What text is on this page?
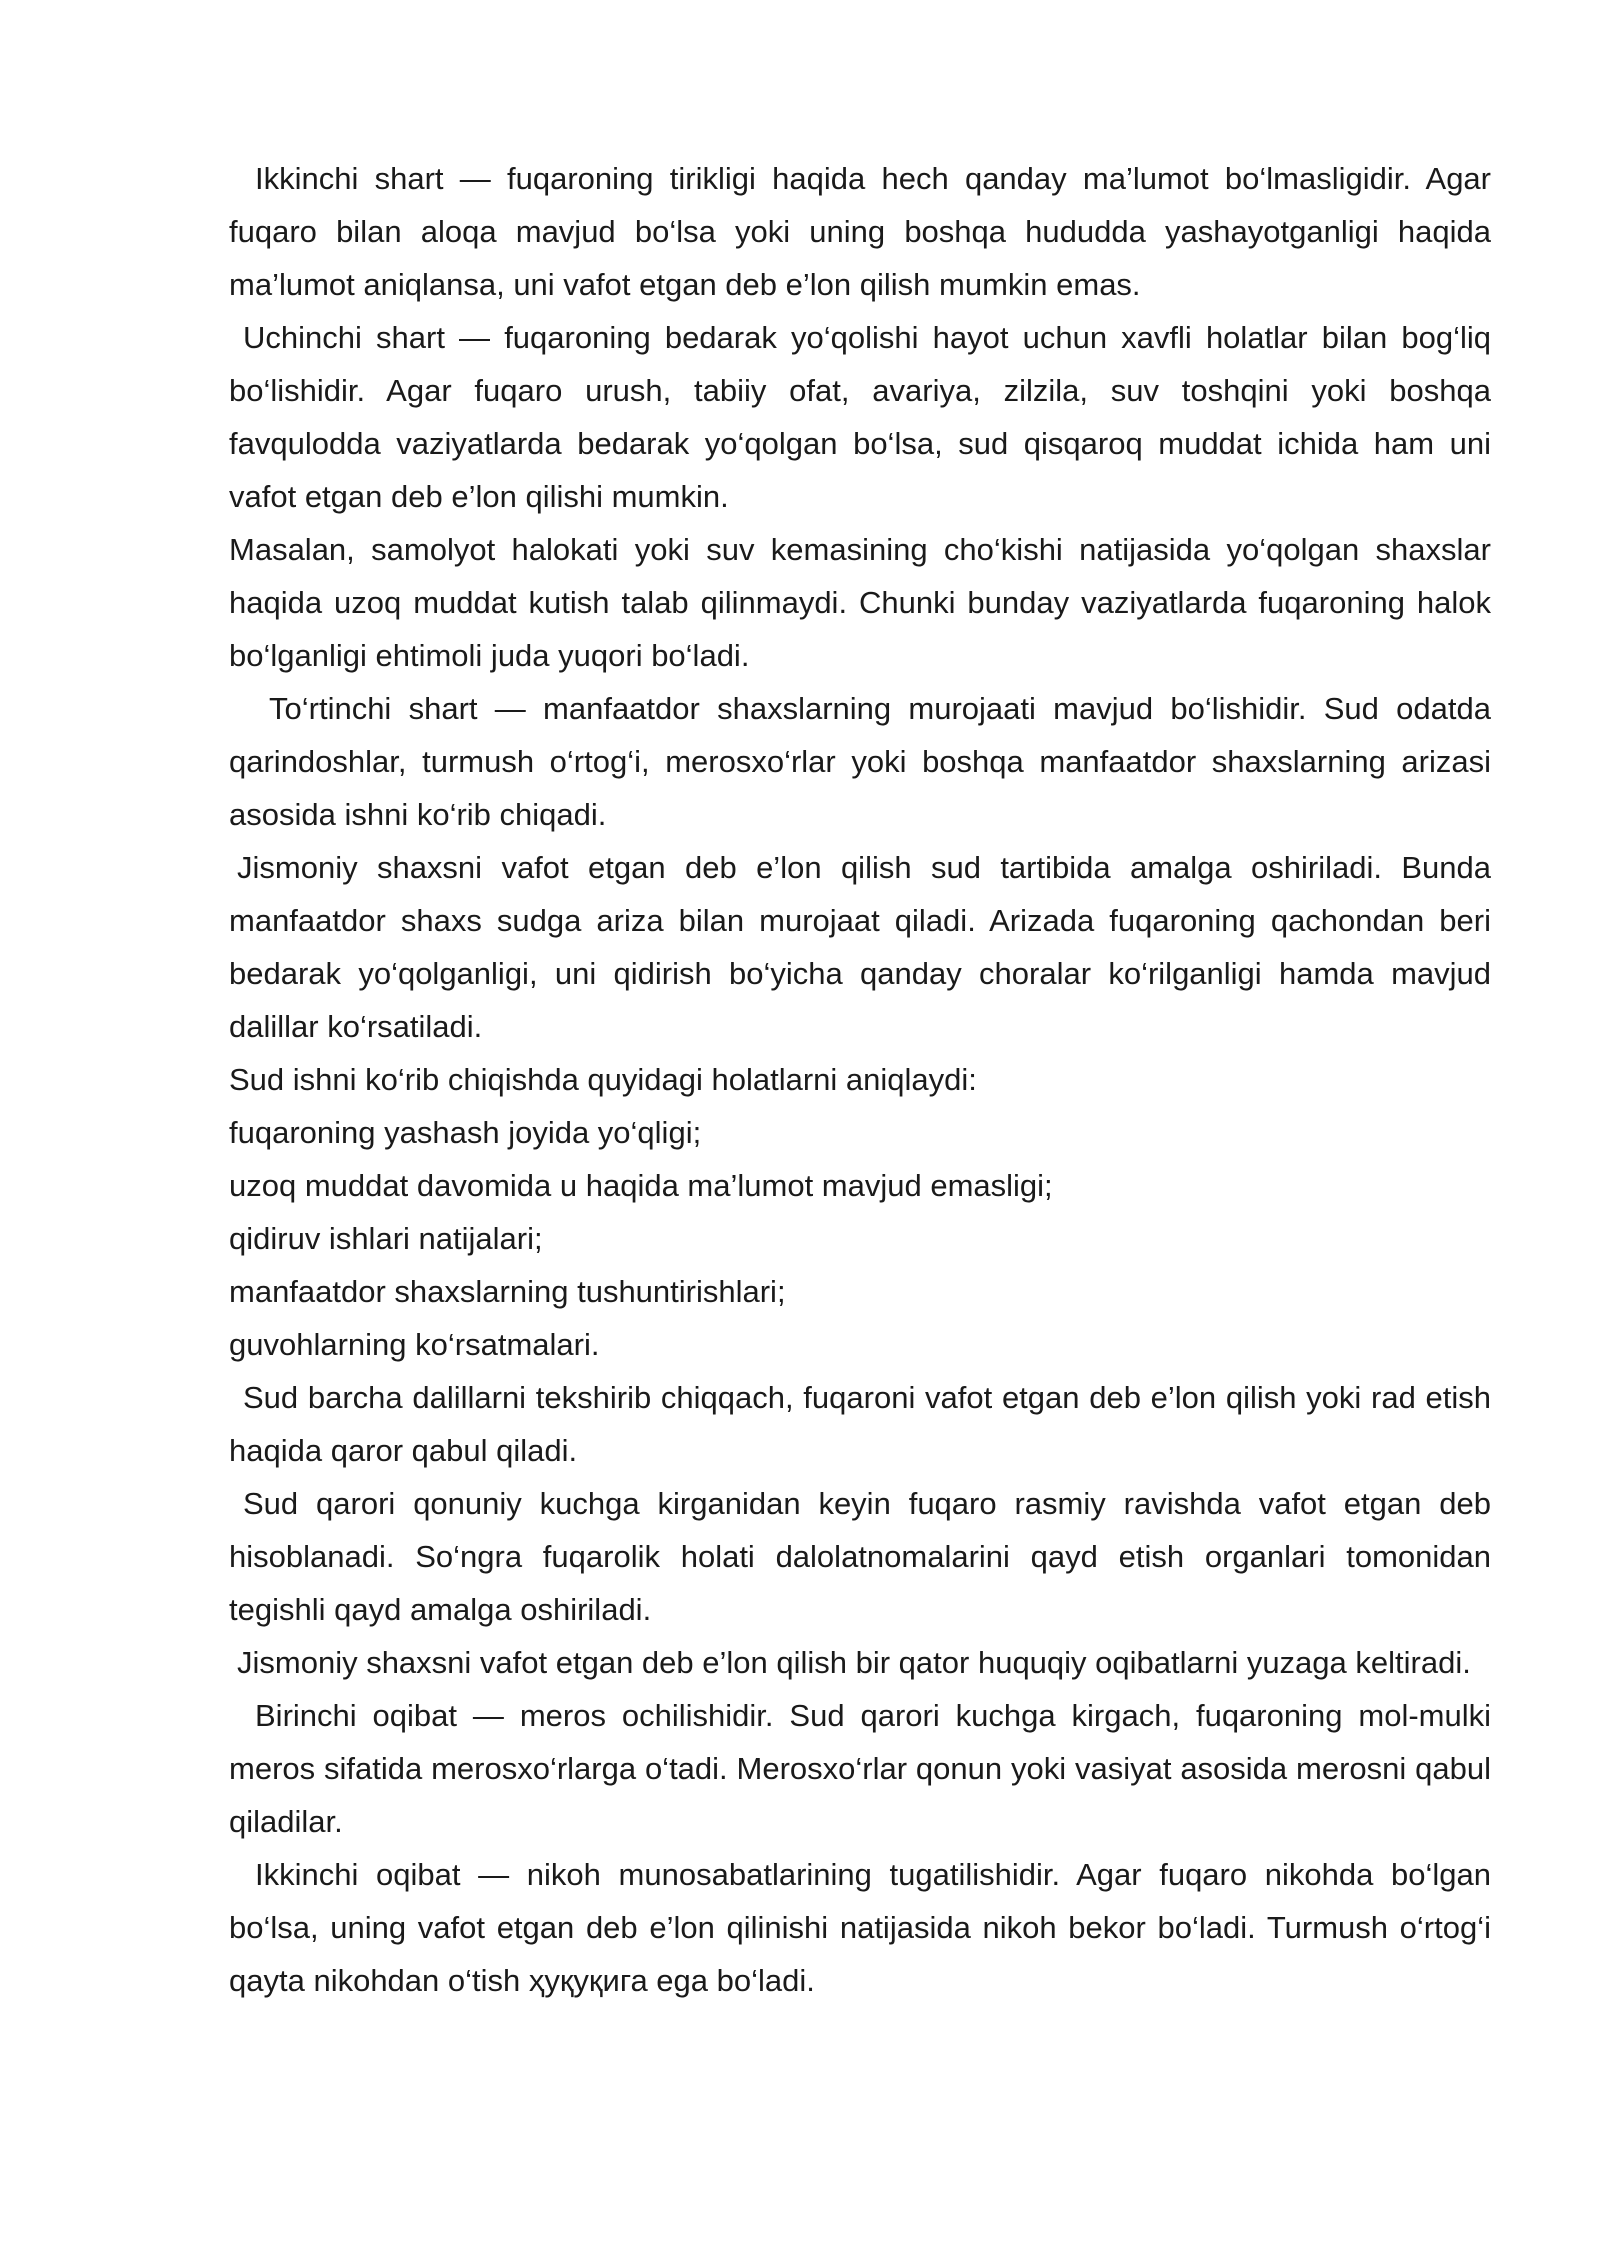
Ikkinchi shart — fuqaroning tirikligi haqida hech qanday ma’lumot bo‘lmasligidir. Agar fuqaro bilan aloqa mavjud bo‘lsa yoki uning boshqa hududda yashayotganligi haqida ma’lumot aniqlansa, uni vafot etgan deb e’lon qilish mumkin emas.

Uchinchi shart — fuqaroning bedarak yo‘qolishi hayot uchun xavfli holatlar bilan bog‘liq bo‘lishidir. Agar fuqaro urush, tabiiy ofat, avariya, zilzila, suv toshqini yoki boshqa favqulodda vaziyatlarda bedarak yo‘qolgan bo‘lsa, sud qisqaroq muddat ichida ham uni vafot etgan deb e’lon qilishi mumkin.

Masalan, samolyot halokati yoki suv kemasining cho‘kishi natijasida yo‘qolgan shaxslar haqida uzoq muddat kutish talab qilinmaydi. Chunki bunday vaziyatlarda fuqaroning halok bo‘lganligi ehtimoli juda yuqori bo‘ladi.

To‘rtinchi shart — manfaatdor shaxslarning murojaati mavjud bo‘lishidir. Sud odatda qarindoshlar, turmush o‘rtog‘i, merosxo‘rlar yoki boshqa manfaatdor shaxslarning arizasi asosida ishni ko‘rib chiqadi.

Jismoniy shaxsni vafot etgan deb e’lon qilish sud tartibida amalga oshiriladi. Bunda manfaatdor shaxs sudga ariza bilan murojaat qiladi. Arizada fuqaroning qachondan beri bedarak yo‘qolganligi, uni qidirish bo‘yicha qanday choralar ko‘rilganligi hamda mavjud dalillar ko‘rsatiladi.

Sud ishni ko‘rib chiqishda quyidagi holatlarni aniqlaydi:

fuqaroning yashash joyida yo‘qligi;

uzoq muddat davomida u haqida ma’lumot mavjud emasligi;

qidiruv ishlari natijalari;

manfaatdor shaxslarning tushuntirishlari;

guvohlarning ko‘rsatmalari.

Sud barcha dalillarni tekshirib chiqqach, fuqaroni vafot etgan deb e’lon qilish yoki rad etish haqida qaror qabul qiladi.

Sud qarori qonuniy kuchga kirganidan keyin fuqaro rasmiy ravishda vafot etgan deb hisoblanadi. So‘ngra fuqarolik holati dalolatnomalarini qayd etish organlari tomonidan tegishli qayd amalga oshiriladi.

Jismoniy shaxsni vafot etgan deb e’lon qilish bir qator huquqiy oqibatlarni yuzaga keltiradi.

Birinchi oqibat — meros ochilishidir. Sud qarori kuchga kirgach, fuqaroning mol-mulki meros sifatida merosxo‘rlarga o‘tadi. Merosxo‘rlar qonun yoki vasiyat asosida merosni qabul qiladilar.

Ikkinchi oqibat — nikoh munosabatlarining tugatilishidir. Agar fuqaro nikohda bo‘lgan bo‘lsa, uning vafot etgan deb e’lon qilinishi natijasida nikoh bekor bo‘ladi. Turmush o‘rtog‘i qayta nikohdan o‘tish ҳуқуқига ega bo‘ladi.
